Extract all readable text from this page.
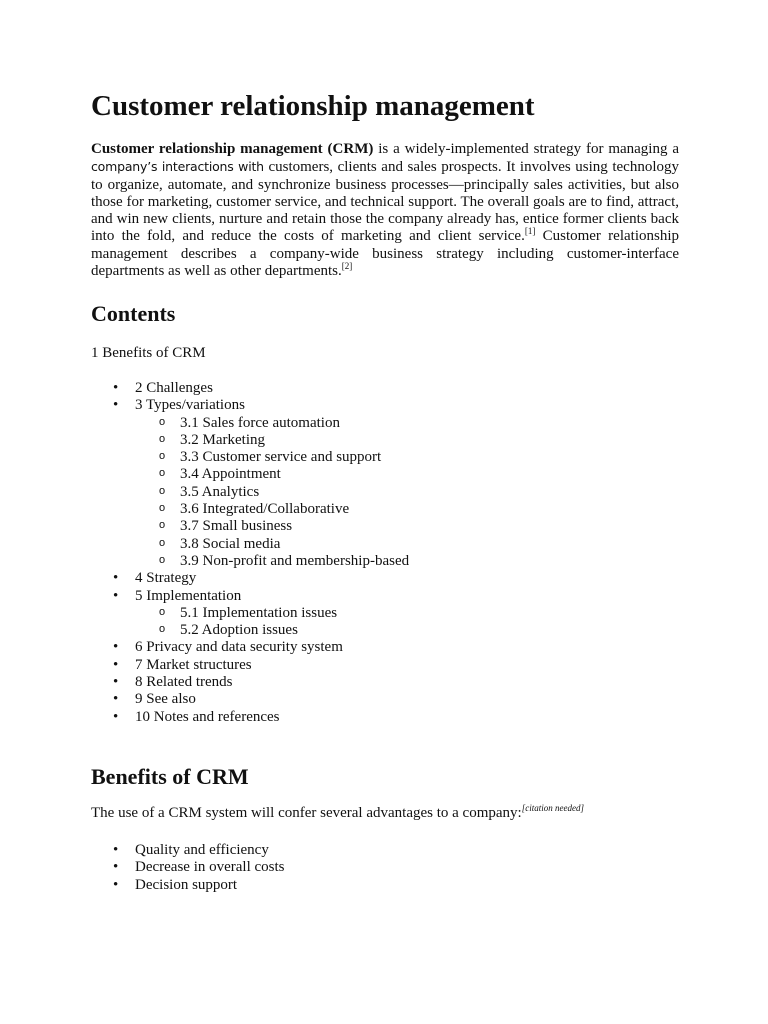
Customer relationship management

Customer relationship management (CRM) is a widely-implemented strategy for managing a company’s interactions with customers, clients and sales prospects. It involves using technology to organize, automate, and synchronize business processes—principally sales activities, but also those for marketing, customer service, and technical support. The overall goals are to find, attract, and win new clients, nurture and retain those the company already has, entice former clients back into the fold, and reduce the costs of marketing and client service.[1] Customer relationship management describes a company-wide business strategy including customer-interface departments as well as other departments.[2]

Contents
1 Benefits of CRM
•	2 Challenges
•	3 Types/variations
o 3.1 Sales force automation
o 3.2 Marketing
o 3.3 Customer service and support
o 3.4 Appointment
o 3.5 Analytics
o 3.6 Integrated/Collaborative
o 3.7 Small business
o 3.8 Social media
o 3.9 Non-profit and membership-based
•	4 Strategy
•	5 Implementation
o 5.1 Implementation issues
o 5.2 Adoption issues
•	6 Privacy and data security system
•	7 Market structures
•	8 Related trends
•	9 See also
•	10 Notes and references
Benefits of CRM
The use of a CRM system will confer several advantages to a company:[citation needed]
•	Quality and efficiency
•	Decrease in overall costs
•	Decision support
